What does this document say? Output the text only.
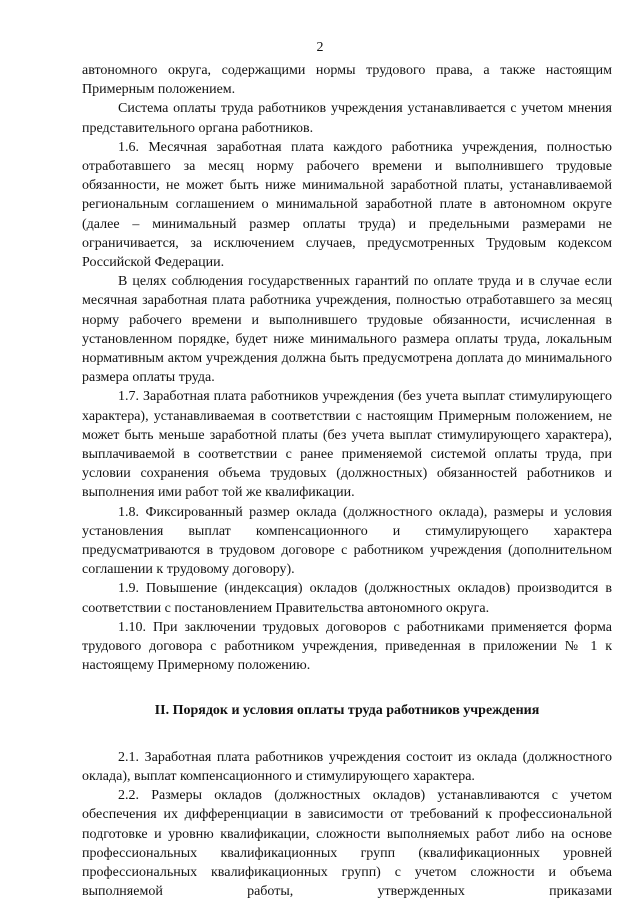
2

автономного округа, содержащими нормы трудового права, а также настоящим Примерным положением.

Система оплаты труда работников учреждения устанавливается с учетом мнения представительного органа работников.

1.6. Месячная заработная плата каждого работника учреждения, полностью отработавшего за месяц норму рабочего времени и выполнившего трудовые обязанности, не может быть ниже минимальной заработной платы, устанавливаемой региональным соглашением о минимальной заработной плате в автономном округе (далее – минимальный размер оплаты труда) и предельными размерами не ограничивается, за исключением случаев, предусмотренных Трудовым кодексом Российской Федерации.

В целях соблюдения государственных гарантий по оплате труда и в случае если месячная заработная плата работника учреждения, полностью отработавшего за месяц норму рабочего времени и выполнившего трудовые обязанности, исчисленная в установленном порядке, будет ниже минимального размера оплаты труда, локальным нормативным актом учреждения должна быть предусмотрена доплата до минимального размера оплаты труда.

1.7. Заработная плата работников учреждения (без учета выплат стимулирующего характера), устанавливаемая в соответствии с настоящим Примерным положением, не может быть меньше заработной платы (без учета выплат стимулирующего характера), выплачиваемой в соответствии с ранее применяемой системой оплаты труда, при условии сохранения объема трудовых (должностных) обязанностей работников и выполнения ими работ той же квалификации.

1.8. Фиксированный размер оклада (должностного оклада), размеры и условия установления выплат компенсационного и стимулирующего характера предусматриваются в трудовом договоре с работником учреждения (дополнительном соглашении к трудовому договору).

1.9. Повышение (индексация) окладов (должностных окладов) производится в соответствии с постановлением Правительства автономного округа.

1.10. При заключении трудовых договоров с работниками применяется форма трудового договора с работником учреждения, приведенная в приложении № 1 к настоящему Примерному положению.

II. Порядок и условия оплаты труда работников учреждения

2.1. Заработная плата работников учреждения состоит из оклада (должностного оклада), выплат компенсационного и стимулирующего характера.

2.2. Размеры окладов (должностных окладов) устанавливаются с учетом обеспечения их дифференциации в зависимости от требований к профессиональной подготовке и уровню квалификации, сложности выполняемых работ либо на основе профессиональных квалификационных групп (квалификационных уровней профессиональных квалификационных групп) с учетом сложности и объема выполняемой работы, утвержденных приказами
